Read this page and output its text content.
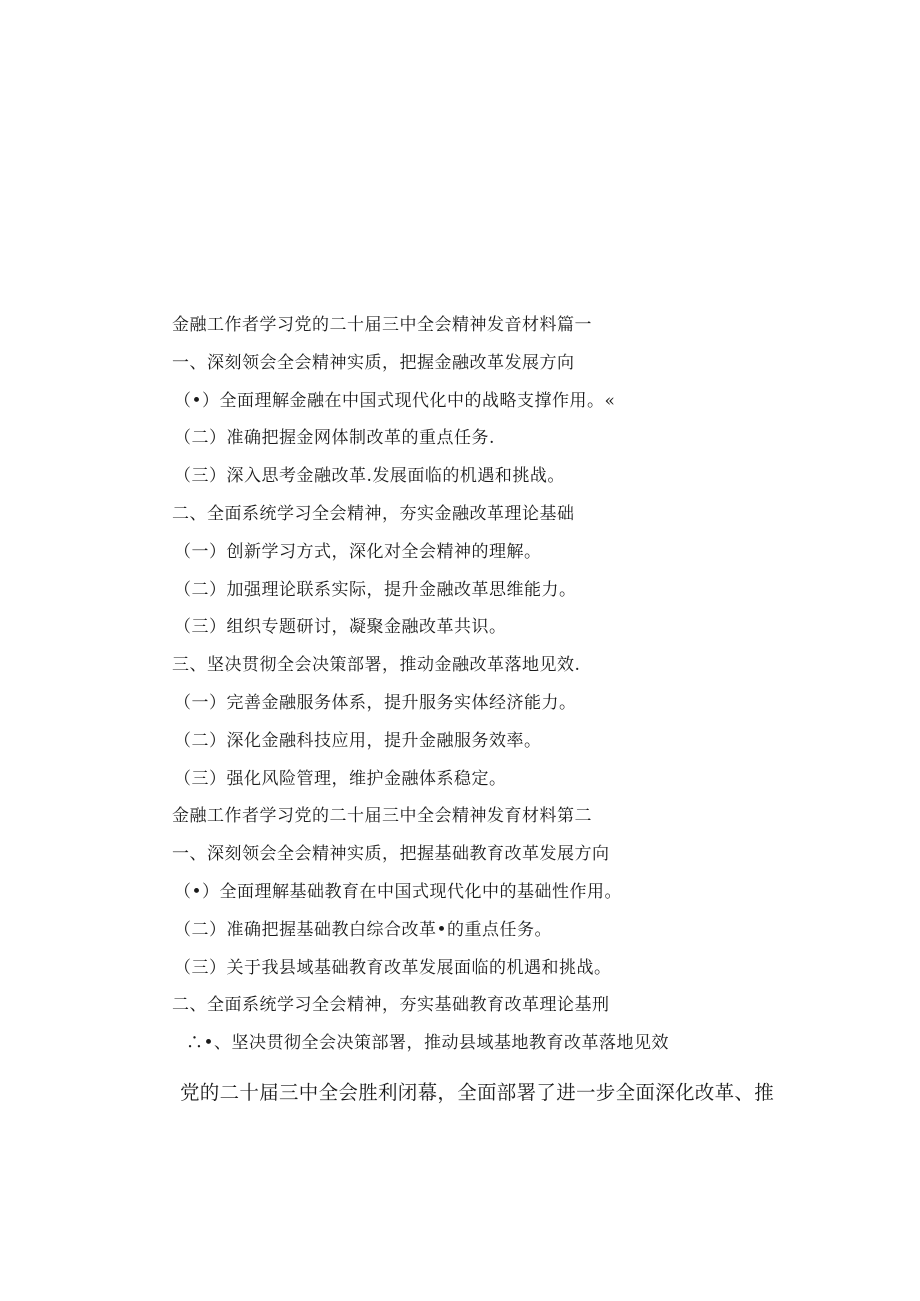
金融工作者学习党的二十届三中全会精神发音材料篇一
一、深刻领会全会精神实质，把握金融改革发展方向
（•）全面理解金融在中国式现代化中的战略支撑作用。«
（二）准确把握金网体制改革的重点任务.
（三）深入思考金融改革.发展面临的机遇和挑战。
二、全面系统学习全会精神，夯实金融改革理论基础
（一）创新学习方式，深化对全会精神的理解。
（二）加强理论联系实际，提升金融改革思维能力。
（三）组织专题研讨，凝聚金融改革共识。
三、坚决贯彻全会决策部署，推动金融改革落地见效.
（一）完善金融服务体系，提升服务实体经济能力。
（二）深化金融科技应用，提升金融服务效率。
（三）强化风险管理，维护金融体系稳定。
金融工作者学习党的二十届三中全会精神发育材料第二
一、深刻领会全会精神实质，把握基础教育改革发展方向
（•）全面理解基础教育在中国式现代化中的基础性作用。
（二）准确把握基础教白综合改革•的重点任务。
（三）关于我县域基础教育改革发展面临的机遇和挑战。
二、全面系统学习全会精神，夯实基础教育改革理论基刑
∴•、坚决贯彻全会决策部署，推动县域基地教育改革落地见效

党的二十届三中全会胜利闭幕，全面部署了进一步全面深化改革、推
